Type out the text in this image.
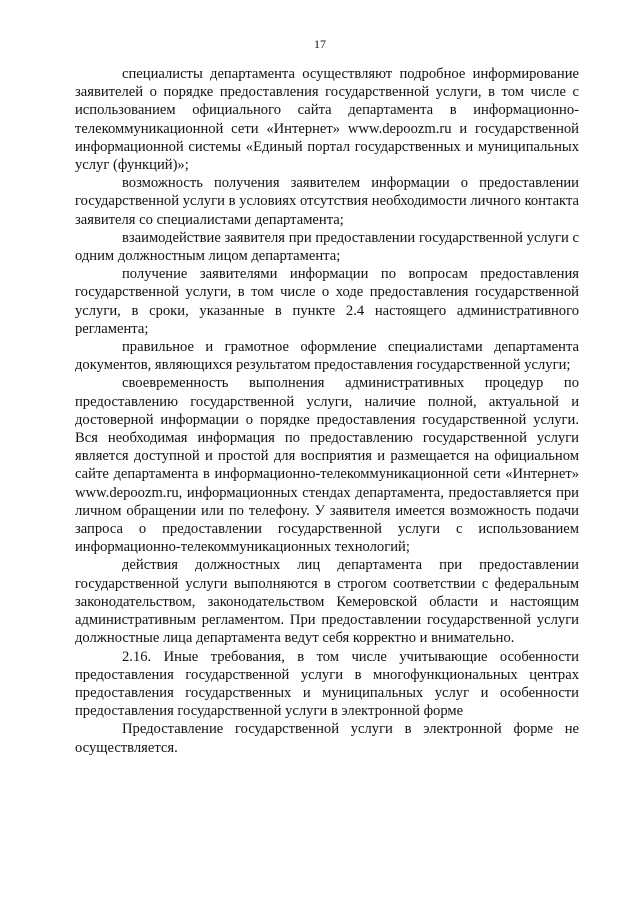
17

специалисты департамента осуществляют подробное информирование заявителей о порядке предоставления государственной услуги, в том числе с использованием официального сайта департамента в информационно-телекоммуникационной сети «Интернет» www.depoozm.ru и государственной информационной системы «Единый портал государственных и муниципальных услуг (функций)»;

возможность получения заявителем информации о предоставлении государственной услуги в условиях отсутствия необходимости личного контакта заявителя со специалистами департамента;

взаимодействие заявителя при предоставлении государственной услуги с одним должностным лицом департамента;

получение заявителями информации по вопросам предоставления государственной услуги, в том числе о ходе предоставления государственной услуги, в сроки, указанные в пункте 2.4 настоящего административного регламента;

правильное и грамотное оформление специалистами департамента документов, являющихся результатом предоставления государственной услуги;

своевременность выполнения административных процедур по предоставлению государственной услуги, наличие полной, актуальной и достоверной информации о порядке предоставления государственной услуги. Вся необходимая информация по предоставлению государственной услуги является доступной и простой для восприятия и размещается на официальном сайте департамента в информационно-телекоммуникационной сети «Интернет» www.depoozm.ru, информационных стендах департамента, предоставляется при личном обращении или по телефону. У заявителя имеется возможность подачи запроса о предоставлении государственной услуги с использованием информационно-телекоммуникационных технологий;

действия должностных лиц департамента при предоставлении государственной услуги выполняются в строгом соответствии с федеральным законодательством, законодательством Кемеровской области и настоящим административным регламентом. При предоставлении государственной услуги должностные лица департамента ведут себя корректно и внимательно.

2.16. Иные требования, в том числе учитывающие особенности предоставления государственной услуги в многофункциональных центрах предоставления государственных и муниципальных услуг и особенности предоставления государственной услуги в электронной форме

Предоставление государственной услуги в электронной форме не осуществляется.
